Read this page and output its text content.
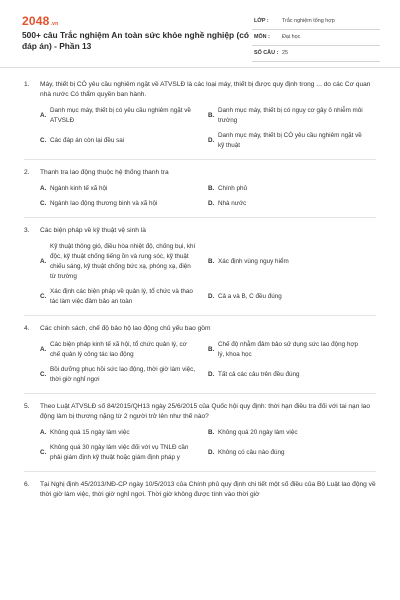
2048.vn
500+ câu Trắc nghiệm An toàn sức khỏe nghề nghiệp (có đáp án) - Phần 13
LỚP : Trắc nghiệm tổng hợp
MÔN : Đại học
SỐ CÂU : 25
1. Máy, thiết bị CÓ yêu cầu nghiêm ngặt về ATVSLĐ là các loại máy, thiết bị được quy định trong ... do các Cơ quan nhà nước Có thẩm quyền ban hành.
A.
Danh mục máy, thiết bị có yêu cầu nghiêm ngặt về ATVSLĐ
B.
Danh mục máy, thiết bị có nguy cơ gây ô nhiễm môi trường
C. Các đáp án còn lại đều sai	D.
Danh mục máy, thiết bị CÓ yêu cầu nghiêm ngặt về kỹ thuật
2. Thanh tra lao động thuộc hệ thống thanh tra
A. Ngành kinh tế xã hội	B. Chính phủ
C. Ngành lao động thương binh và xã hội	D. Nhà nước
3. Các biện pháp về kỹ thuật vệ sinh là
A.
Kỹ thuật thông gió, điều hòa nhiệt độ, chống bụi, khí độc, kỹ thuật chống tiếng ồn và rung sóc, kỹ thuật chiếu sáng, kỹ thuật chống bức xạ, phóng xạ, điện từ trường
B. Xác định vùng nguy hiểm
C.
Xác định các biện pháp về quản lý, tổ chức và thao tác làm việc đảm bảo an toàn
D. Cả a và B, C đều đúng
4. Các chính sách, chế độ bảo hộ lao động chủ yếu bao gồm
A.
Các biện pháp kinh tế xã hội, tổ chức quản lý, cơ chế quản lý công tác lao động
B.
Chế độ nhằm đảm bảo sử dụng sức lao động hợp lý, khoa học
C.
Bồi dưỡng phục hồi sức lao động, thời giờ làm việc, thời giờ nghỉ ngơi
D. Tất cả các câu trên đều đúng
5. Theo Luật ATVSLĐ số 84/2015/QH13 ngày 25/6/2015 của Quốc hội quy định: thời hạn điều tra đối với tai nạn lao động làm bị thương nặng từ 2 người trở lên như thế nào?
A. Không quá 15 ngày làm việc	B. Không quá 20 ngày làm việc
C.
Không quá 30 ngày làm việc đối với vụ TNLĐ cần phải giám định kỹ thuật hoặc giám định pháp y
D. Không có câu nào đúng
6. Tại Nghị định 45/2013/NĐ-CP ngày 10/5/2013 của Chính phủ quy định chi tiết một số điều của Bộ Luật lao động về thời giờ làm việc, thời giờ nghỉ ngơi. Thời giờ không được tính vào thời giờ
